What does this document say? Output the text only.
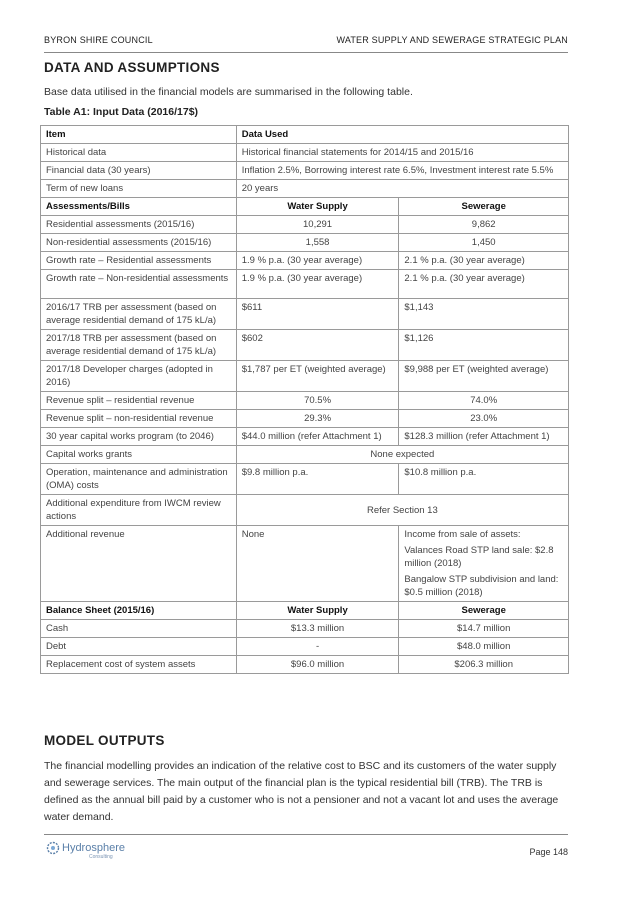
BYRON SHIRE COUNCIL	WATER SUPPLY AND SEWERAGE STRATEGIC PLAN
DATA AND ASSUMPTIONS
Base data utilised in the financial models are summarised in the following table.
Table A1: Input Data (2016/17$)
Item	Data Used	
Historical data	Historical financial statements for 2014/15 and 2015/16	
Financial data (30 years)	Inflation 2.5%, Borrowing interest rate 6.5%, Investment interest rate 5.5%	
Term of new loans	20 years	
Assessments/Bills	Water Supply	Sewerage
Residential assessments (2015/16)	10,291	9,862
Non-residential assessments (2015/16)	1,558	1,450
Growth rate – Residential assessments	1.9 % p.a. (30 year average)	2.1 % p.a. (30 year average)
Growth rate – Non-residential assessments	1.9 % p.a. (30 year average)	2.1 % p.a. (30 year average)
2016/17 TRB per assessment (based on average residential demand of 175 kL/a)	$611	$1,143
2017/18 TRB per assessment (based on average residential demand of 175 kL/a)	$602	$1,126
2017/18 Developer charges (adopted in 2016)	$1,787 per ET (weighted average)	$9,988 per ET (weighted average)
Revenue split – residential revenue	70.5%	74.0%
Revenue split – non-residential revenue	29.3%	23.0%
30 year capital works program (to 2046)	$44.0 million (refer Attachment 1)	$128.3 million (refer Attachment 1)
Capital works grants	None expected	
Operation, maintenance and administration (OMA) costs	$9.8 million p.a.	$10.8 million p.a.
Additional expenditure from IWCM review actions	Refer Section 13	
Additional revenue	None	Income from sale of assets:
Valances Road STP land sale: $2.8 million (2018)
Bangalow STP subdivision and land: $0.5 million (2018)

Balance Sheet (2015/16)	Water Supply	Sewerage
Cash	$13.3 million	$14.7 million
Debt	-	$48.0 million
Replacement cost of system assets	$96.0 million	$206.3 million
MODEL OUTPUTS
The financial modelling provides an indication of the relative cost to BSC and its customers of the water supply and sewerage services. The main output of the financial plan is the typical residential bill (TRB). The TRB is defined as the annual bill paid by a customer who is not a pensioner and not a vacant lot and uses the average water demand.
Hydrosphere
Consulting	Page 148
